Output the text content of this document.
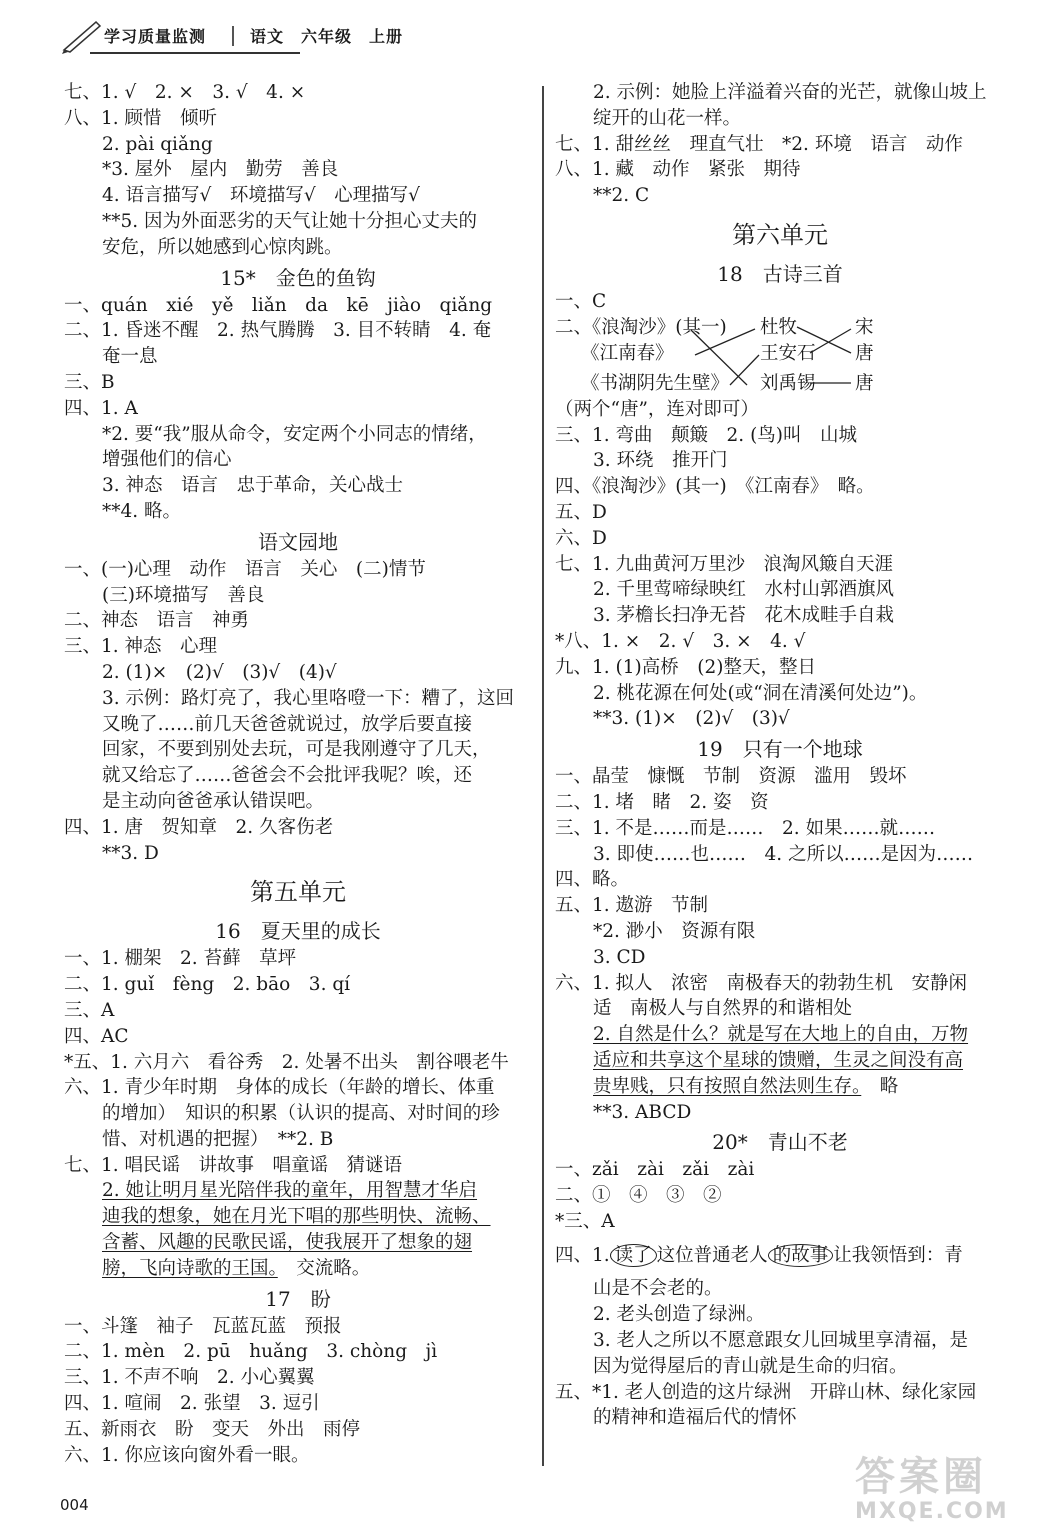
学习质量监测	语文　六年级　上册
七、1. √　2. ×　3. √　4. ×
八、1. 顾惜　倾听
2. pài qiǎng
*3. 屋外　屋内　勤劳　善良
4. 语言描写√　环境描写√　心理描写√
**5. 因为外面恶劣的天气让她十分担心丈夫的
安危，所以她感到心惊肉跳。
15*　金色的鱼钩
一、quán　xié　yě　liǎn　da　kē　jiào　qiǎng
二、1. 昏迷不醒　2. 热气腾腾　3. 目不转睛　4. 奄
奄一息
三、B
四、1. A
*2. 要“我”服从命令，安定两个小同志的情绪，
增强他们的信心
3. 神态　语言　忠于革命，关心战士
**4. 略。
语文园地
一、(一)心理　动作　语言　关心　(二)情节
(三)环境描写　善良
二、神态　语言　神勇
三、1. 神态　心理
2. (1)×　(2)√　(3)√　(4)√
3. 示例：路灯亮了，我心里咯噔一下：糟了，这回
又晚了……前几天爸爸就说过，放学后要直接
回家，不要到别处去玩，可是我刚遵守了几天，
就又给忘了……爸爸会不会批评我呢？唉，还
是主动向爸爸承认错误吧。
四、1. 唐　贺知章　2. 久客伤老
**3. D
第五单元
16　夏天里的成长
一、1. 棚架　2. 苔藓　草坪
二、1. guǐ　fèng　2. bāo　3. qí
三、A
四、AC
*五、1. 六月六　看谷秀　2. 处暑不出头　割谷喂老牛
六、1. 青少年时期　身体的成长（年龄的增长、体重
的增加）　知识的积累（认识的提高、对时间的珍
惜、对机遇的把握）　**2. B
七、1. 唱民谣　讲故事　唱童谣　猜谜语
2. 她让明月星光陪伴我的童年，用智慧才华启
迪我的想象，她在月光下唱的那些明快、流畅、
含蓄、风趣的民歌民谣，使我展开了想象的翅
膀，飞向诗歌的王国。　 交流略。
17　盼
一、斗篷　袖子　瓦蓝瓦蓝　预报
二、1. mèn　2. pū　huǎng　3. chòng　jì
三、1. 不声不响　2. 小心翼翼
四、1. 喧闹　2. 张望　3. 逗引
五、新雨衣　盼　变天　外出　雨停
六、1. 你应该向窗外看一眼。
2. 示例：她脸上洋溢着兴奋的光芒，就像山坡上
绽开的山花一样。
七、1. 甜丝丝　理直气壮　*2. 环境　语言　动作
八、1. 藏　动作　紧张　期待
**2. C
第六单元
18　古诗三首
一、C
二、《浪淘沙》(其一)
《江南春》
《书湖阴先生壁》
杜牧
王安石
刘禹锡
宋
唐
唐
（两个“唐”，连对即可）
三、1. 弯曲　颠簸　2. (鸟)叫　山城
3. 环绕　推开门
四、《浪淘沙》(其一)　《江南春》　略。
五、D
六、D
七、1. 九曲黄河万里沙　浪淘风簸自天涯
2. 千里莺啼绿映红　水村山郭酒旗风
3. 茅檐长扫净无苔　花木成畦手自栽
*八、1. ×　2. √　3. ×　4. √
九、1. (1)高桥　(2)整天，整日
2. 桃花源在何处(或“洞在清溪何处边”)。
**3. (1)×　(2)√　(3)√
19　只有一个地球
一、晶莹　慷慨　节制　资源　滥用　毁坏
二、1. 堵　睹　2. 姿　资
三、1. 不是……而是……　2. 如果……就……
3. 即使……也……　4. 之所以……是因为……
四、略。
五、1. 遨游　节制
*2. 渺小　资源有限
3. CD
六、1. 拟人　浓密　南极春天的勃勃生机　安静闲
适　南极人与自然界的和谐相处
2. 自然是什么？就是写在大地上的自由，万物
适应和共享这个星球的馈赠，生灵之间没有高
贵卑贱，只有按照自然法则生存。　 略
**3. ABCD
20*　青山不老
一、zǎi　zài　zǎi　zài
二、①　④　③　②
*三、A
四、1. 读了 这位普通老人 的故事 让我领悟到：青
山是不会老的。
2. 老头创造了绿洲。
3. 老人之所以不愿意跟女儿回城里享清福，是
因为觉得屋后的青山就是生命的归宿。
五、*1. 老人创造的这片绿洲　开辟山林、绿化家园
的精神和造福后代的情怀
004
答案圈
MXQE.COM
